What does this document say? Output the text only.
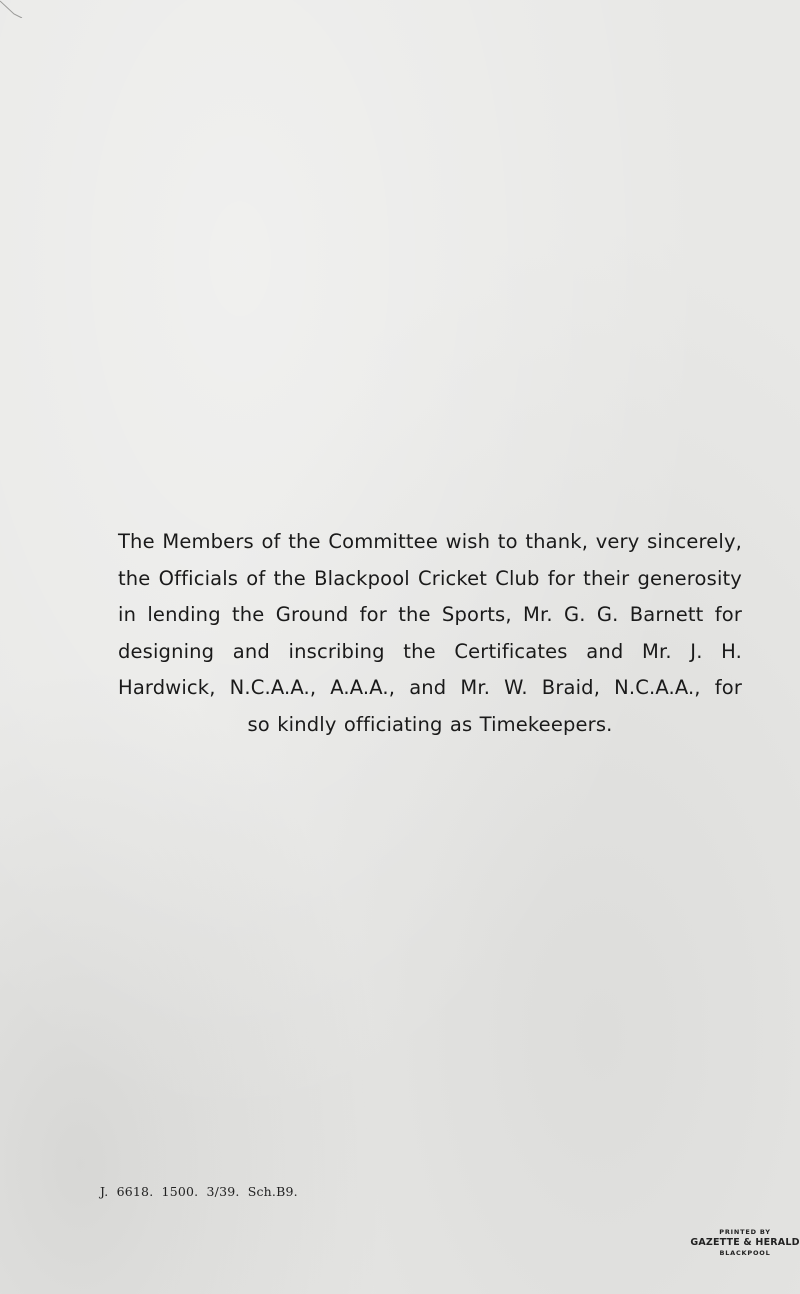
The Members of the Committee wish to thank, very sincerely,
the Officials of the Blackpool Cricket Club for their generosity
in lending the Ground for the Sports, Mr. G. G. Barnett for
designing and inscribing the Certificates and Mr. J. H.
Hardwick, N.C.A.A., A.A.A., and Mr. W. Braid, N.C.A.A., for
so kindly officiating as Timekeepers.
J. 6618. 1500. 3/39. Sch.B9.
PRINTED BY
GAZETTE & HERALD
BLACKPOOL
